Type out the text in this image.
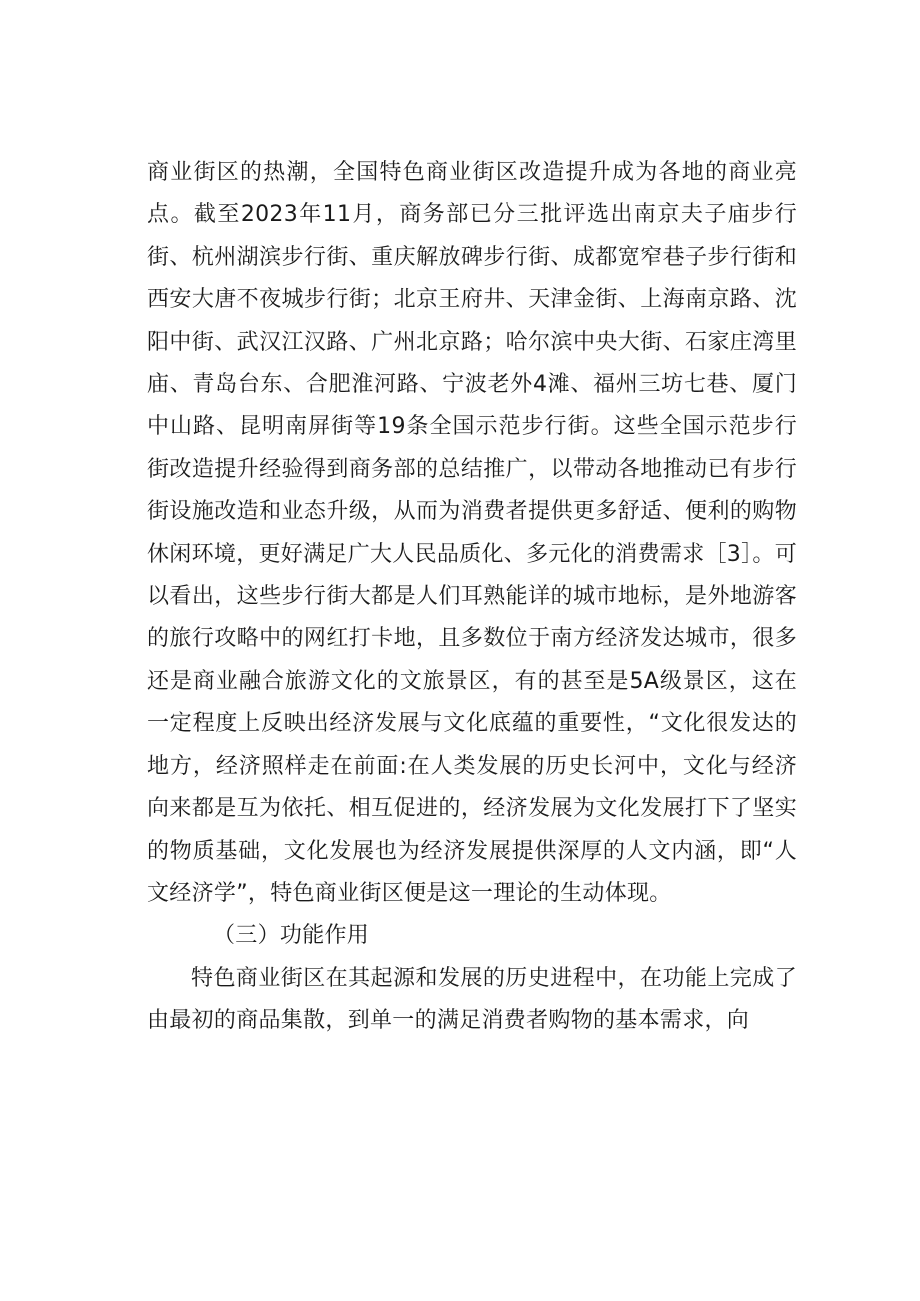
商业街区的热潮，全国特色商业街区改造提升成为各地的商业亮点。截至2023年11月，商务部已分三批评选出南京夫子庙步行街、杭州湖滨步行街、重庆解放碑步行街、成都宽窄巷子步行街和西安大唐不夜城步行街；北京王府井、天津金街、上海南京路、沈阳中街、武汉江汉路、广州北京路；哈尔滨中央大街、石家庄湾里庙、青岛台东、合肥淮河路、宁波老外4滩、福州三坊七巷、厦门中山路、昆明南屏街等19条全国示范步行街。这些全国示范步行街改造提升经验得到商务部的总结推广，以带动各地推动已有步行街设施改造和业态升级，从而为消费者提供更多舒适、便利的购物休闲环境，更好满足广大人民品质化、多元化的消费需求［3］。可以看出，这些步行街大都是人们耳熟能详的城市地标，是外地游客的旅行攻略中的网红打卡地，且多数位于南方经济发达城市，很多还是商业融合旅游文化的文旅景区，有的甚至是5A级景区，这在一定程度上反映出经济发展与文化底蕴的重要性，“文化很发达的地方，经济照样走在前面:在人类发展的历史长河中，文化与经济向来都是互为依托、相互促进的，经济发展为文化发展打下了坚实的物质基础，文化发展也为经济发展提供深厚的人文内涵，即“人文经济学”，特色商业街区便是这一理论的生动体现。

（三）功能作用

特色商业街区在其起源和发展的历史进程中，在功能上完成了由最初的商品集散，到单一的满足消费者购物的基本需求，向
